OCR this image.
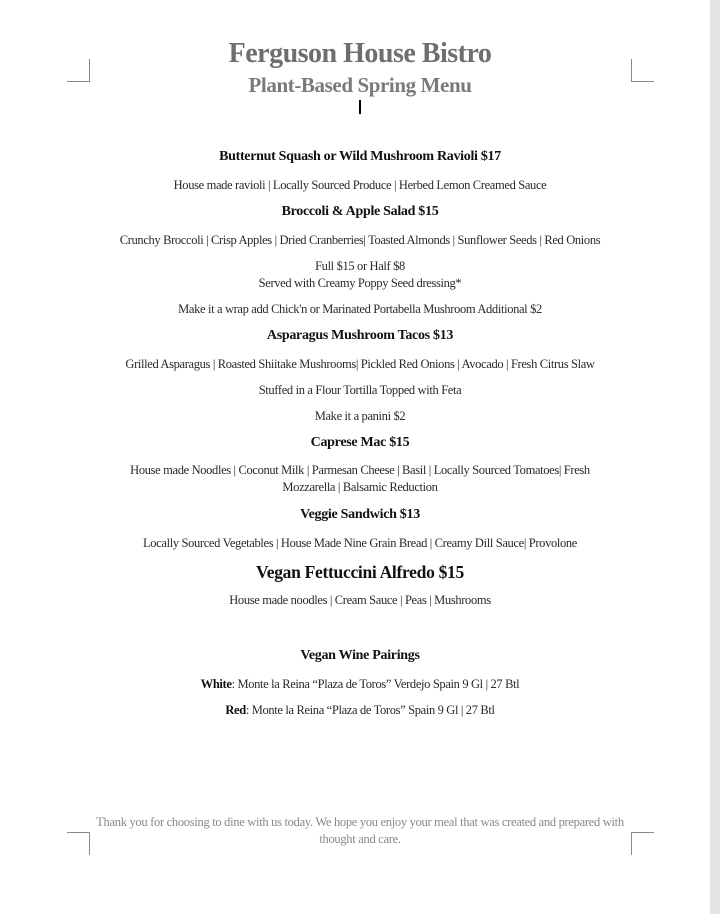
Ferguson House Bistro
Plant-Based Spring Menu
Butternut Squash or Wild Mushroom Ravioli $17
House made ravioli | Locally Sourced Produce | Herbed Lemon Creamed Sauce
Broccoli & Apple Salad $15
Crunchy Broccoli | Crisp Apples | Dried Cranberries| Toasted Almonds | Sunflower Seeds | Red Onions
Full $15 or Half $8
Served with Creamy Poppy Seed dressing*
Make it a wrap add Chick'n or Marinated Portabella Mushroom Additional $2
Asparagus Mushroom Tacos $13
Grilled Asparagus | Roasted Shiitake Mushrooms| Pickled Red Onions | Avocado | Fresh Citrus Slaw
Stuffed in a Flour Tortilla Topped with Feta
Make it a panini $2
Caprese Mac $15
House made Noodles | Coconut Milk | Parmesan Cheese | Basil | Locally Sourced Tomatoes| Fresh Mozzarella | Balsamic Reduction
Veggie Sandwich $13
Locally Sourced Vegetables | House Made Nine Grain Bread | Creamy Dill Sauce| Provolone
Vegan Fettuccini Alfredo $15
House made noodles | Cream Sauce | Peas | Mushrooms
Vegan Wine Pairings
White: Monte la Reina “Plaza de Toros” Verdejo Spain 9 Gl | 27 Btl
Red: Monte la Reina “Plaza de Toros” Spain 9 Gl | 27 Btl
Thank you for choosing to dine with us today. We hope you enjoy your meal that was created and prepared with thought and care.
